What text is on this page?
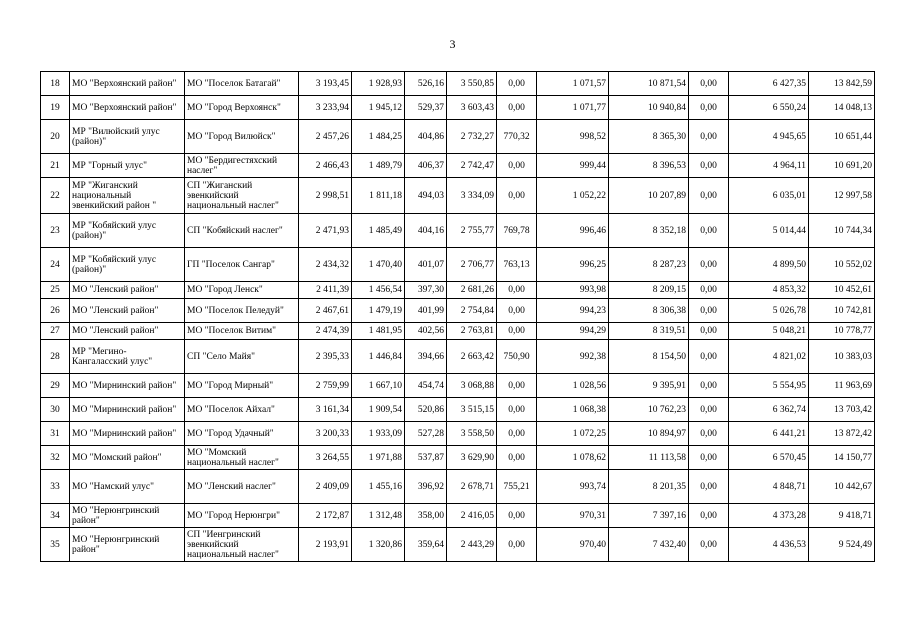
3
18	МО "Верхоянский район"	МО "Поселок Батагай"	3 193,45	1 928,93	526,16	3 550,85	0,00	1 071,57	10 871,54	0,00	6 427,35	13 842,59
19	МО "Верхоянский район"	МО "Город Верхоянск"	3 233,94	1 945,12	529,37	3 603,43	0,00	1 071,77	10 940,84	0,00	6 550,24	14 048,13
20	МР "Вилюйский улус (район)"	МО "Город Вилюйск"	2 457,26	1 484,25	404,86	2 732,27	770,32	998,52	8 365,30	0,00	4 945,65	10 651,44
21	МР "Горный улус"	МО "Бердигестяхский наслег"	2 466,43	1 489,79	406,37	2 742,47	0,00	999,44	8 396,53	0,00	4 964,11	10 691,20
22	МР "Жиганский национальный эвенкийский район "	СП "Жиганский эвенкийский национальный наслег"	2 998,51	1 811,18	494,03	3 334,09	0,00	1 052,22	10 207,89	0,00	6 035,01	12 997,58
23	МР "Кобяйский улус (район)"	СП "Кобяйский наслег"	2 471,93	1 485,49	404,16	2 755,77	769,78	996,46	8 352,18	0,00	5 014,44	10 744,34
24	МР "Кобяйский улус (район)"	ГП "Поселок Сангар"	2 434,32	1 470,40	401,07	2 706,77	763,13	996,25	8 287,23	0,00	4 899,50	10 552,02
25	МО "Ленский район"	МО "Город Ленск"	2 411,39	1 456,54	397,30	2 681,26	0,00	993,98	8 209,15	0,00	4 853,32	10 452,61
26	МО "Ленский район"	МО "Поселок Пеледуй"	2 467,61	1 479,19	401,99	2 754,84	0,00	994,23	8 306,38	0,00	5 026,78	10 742,81
27	МО "Ленский район"	МО "Поселок Витим"	2 474,39	1 481,95	402,56	2 763,81	0,00	994,29	8 319,51	0,00	5 048,21	10 778,77
28	МР "Мегино-Кангаласский улус"	СП "Село Майя"	2 395,33	1 446,84	394,66	2 663,42	750,90	992,38	8 154,50	0,00	4 821,02	10 383,03
29	МО "Мирнинский район"	МО "Город Мирный"	2 759,99	1 667,10	454,74	3 068,88	0,00	1 028,56	9 395,91	0,00	5 554,95	11 963,69
30	МО "Мирнинский район"	МО "Поселок Айхал"	3 161,34	1 909,54	520,86	3 515,15	0,00	1 068,38	10 762,23	0,00	6 362,74	13 703,42
31	МО "Мирнинский район"	МО "Город Удачный"	3 200,33	1 933,09	527,28	3 558,50	0,00	1 072,25	10 894,97	0,00	6 441,21	13 872,42
32	МО "Момский район"	МО "Момский национальный наслег"	3 264,55	1 971,88	537,87	3 629,90	0,00	1 078,62	11 113,58	0,00	6 570,45	14 150,77
33	МО "Намский улус"	МО "Ленский наслег"	2 409,09	1 455,16	396,92	2 678,71	755,21	993,74	8 201,35	0,00	4 848,71	10 442,67
34	МО "Нерюнгринский район"	МО "Город Нерюнгри"	2 172,87	1 312,48	358,00	2 416,05	0,00	970,31	7 397,16	0,00	4 373,28	9 418,71
35	МО "Нерюнгринский район"	СП "Иенгринский эвенкийский национальный наслег"	2 193,91	1 320,86	359,64	2 443,29	0,00	970,40	7 432,40	0,00	4 436,53	9 524,49
